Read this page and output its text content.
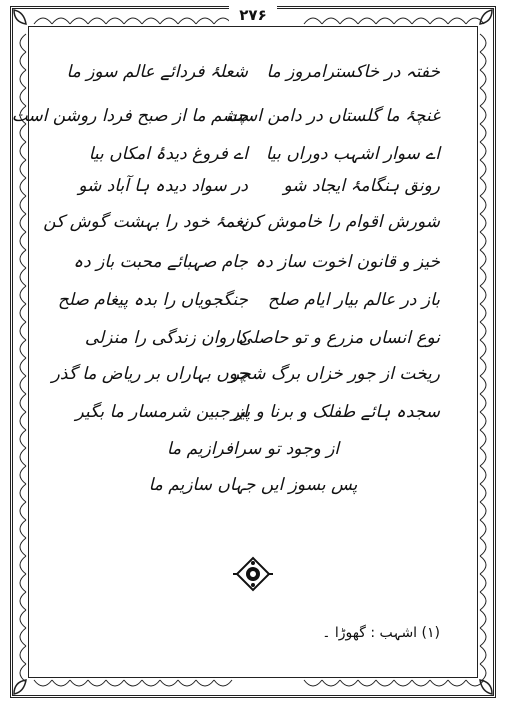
۲۷۶
خفتہ در خاکسترامروز ما
شعلۂ فردائے عالم سوز ما
غنچۂ ما گلستاں در دامن است
چشم ما از صبح فردا روشن است
اے سوار اشہب دوراں بیا
اے فروغ دیدۂ امکاں بیا
رونق ہنگامۂ ایجاد شو
در سواد دیدہ ہا آباد شو
شورش اقوام را خاموش کن
نغمۂ خود را بہشت گوش کن
خیز و قانون اخوت ساز دہ
جام صہبائے محبت باز دہ
باز در عالم بیار ایام صلح
جنگجویاں را بدہ پیغام صلح
نوع انساں مزرع و تو حاصلی
کاروان زندگی را منزلی
ریخت از جور خزاں برگ شجر
چوں بہاراں بر ریاض ما گذر
سجدہ ہائے طفلک و برنا و پیر
از جبین شرمسار ما بگیر
از وجود تو سرافرازیم ما
پس بسوز ایں جہاں سازیم ما
(۱) اشہب : گھوڑا ۔
